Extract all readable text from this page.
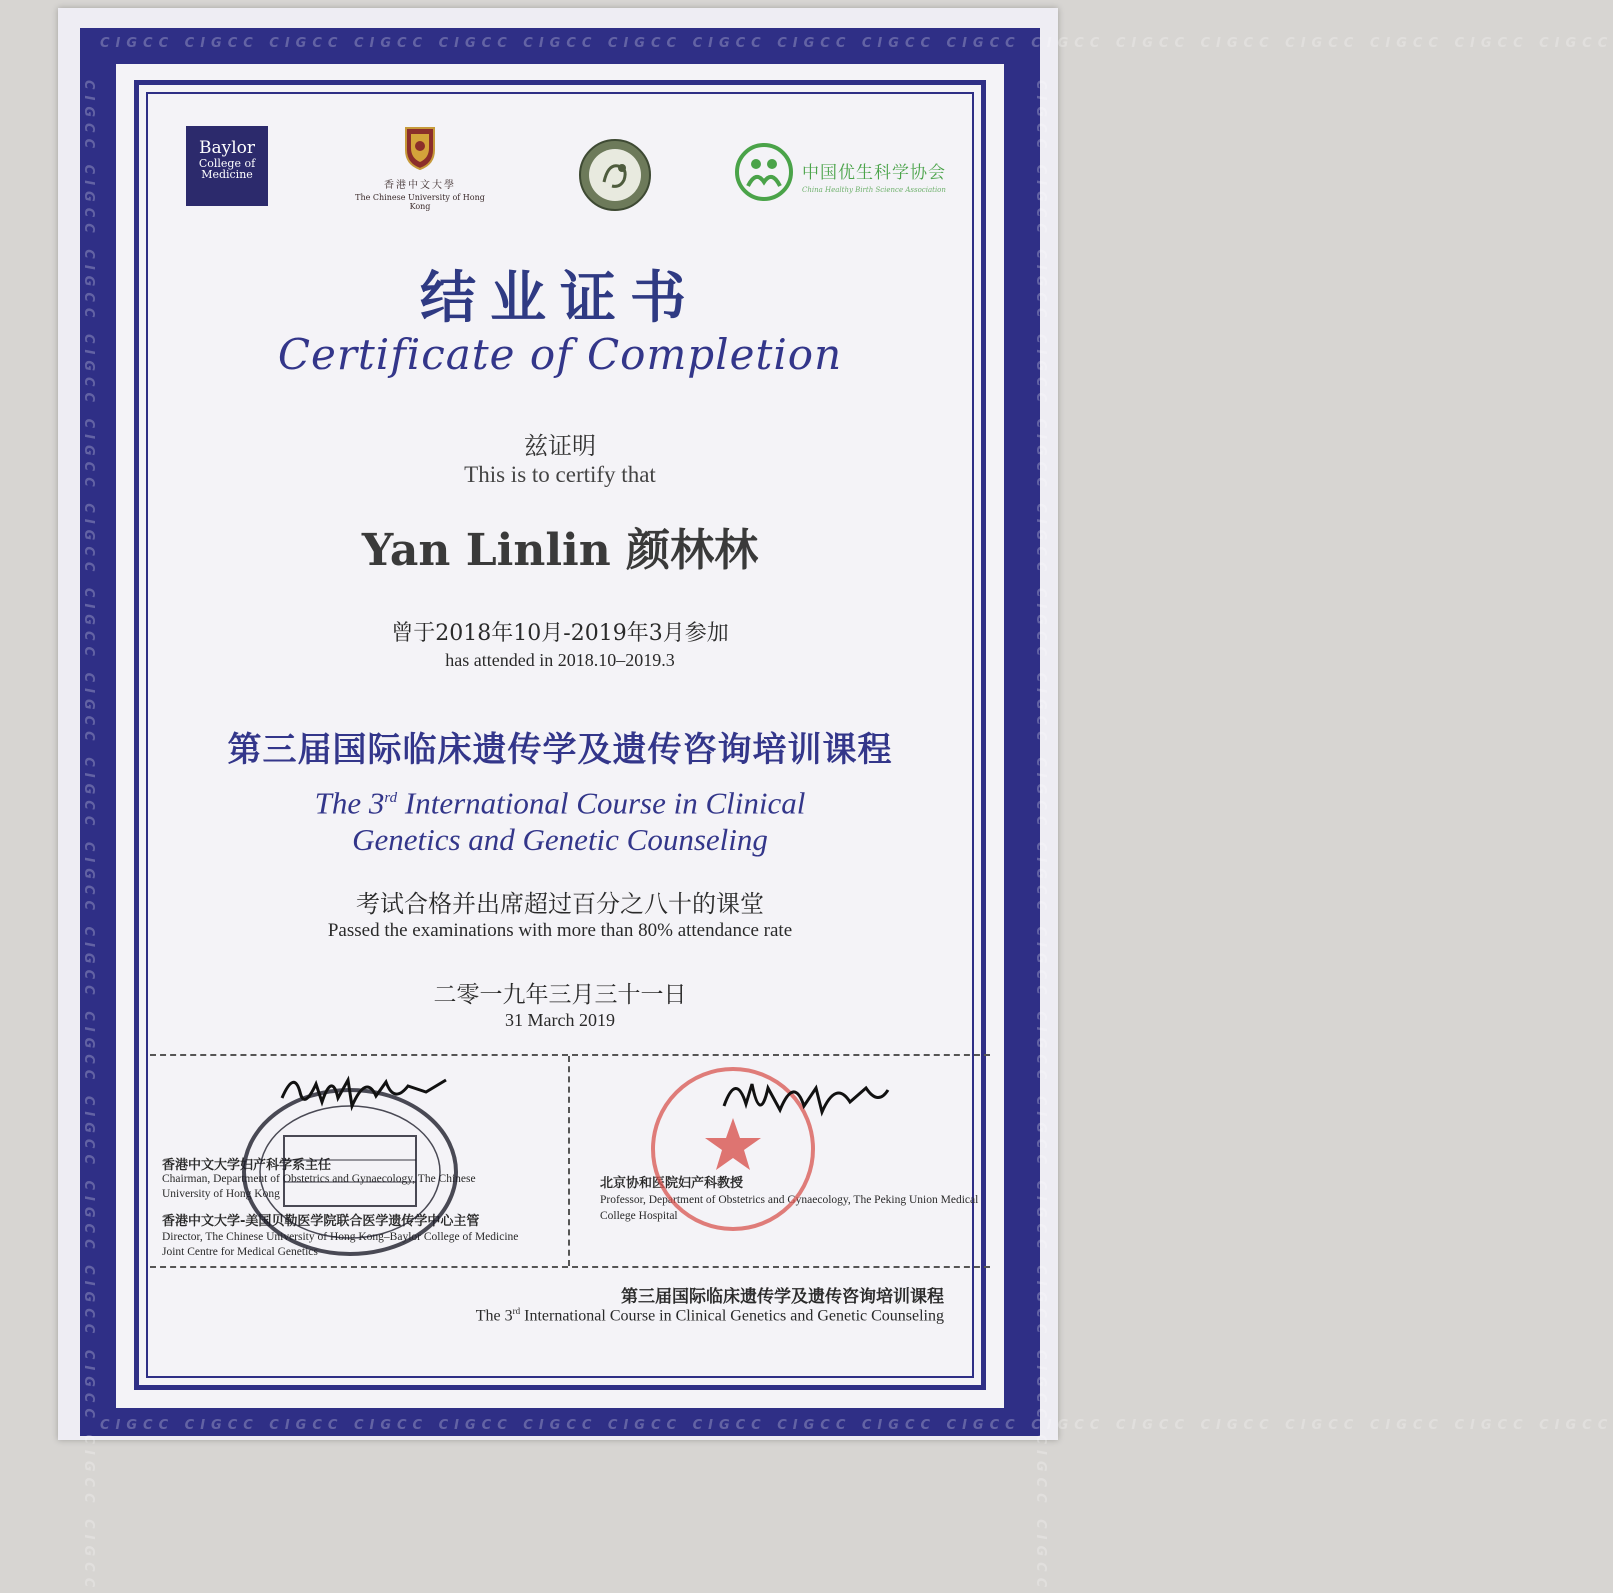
CIGCC CIGCC CIGCC CIGCC CIGCC CIGCC CIGCC CIGCC CIGCC CIGCC CIGCC CIGCC CIGCC CIGCC CIGCC CIGCC CIGCC CIGCC
CIGCC CIGCC CIGCC CIGCC CIGCC CIGCC CIGCC CIGCC CIGCC CIGCC CIGCC CIGCC CIGCC CIGCC CIGCC CIGCC CIGCC CIGCC
CIGCC CIGCC CIGCC CIGCC CIGCC CIGCC CIGCC CIGCC CIGCC CIGCC CIGCC CIGCC CIGCC CIGCC CIGCC CIGCC CIGCC CIGCC	CIGCC CIGCC CIGCC CIGCC CIGCC CIGCC CIGCC CIGCC CIGCC CIGCC CIGCC CIGCC CIGCC CIGCC CIGCC CIGCC CIGCC CIGCC
Baylor
College of
Medicine
香港中文大學
The Chinese University of Hong Kong
中国优生科学协会
China Healthy Birth Science Association
结业证书
Certificate of Completion
兹证明
This is to certify that
Yan Linlin 颜林林
曾于2018年10月-2019年3月参加
has attended in 2018.10–2019.3
第三届国际临床遗传学及遗传咨询培训课程
The 3rd International Course in Clinical
Genetics and Genetic Counseling
考试合格并出席超过百分之八十的课堂
Passed the examinations with more than 80% attendance rate
二零一九年三月三十一日
31 March 2019
香港中文大学妇产科学系主任
Chairman, Department of Obstetrics and Gynaecology, The Chinese University of Hong Kong
香港中文大学-美国贝勒医学院联合医学遗传学中心主管
Director, The Chinese University of Hong Kong–Baylor College of Medicine Joint Centre for Medical Genetics
北京协和医院妇产科教授
Professor, Department of Obstetrics and Gynaecology, The Peking Union Medical College Hospital
第三届国际临床遗传学及遗传咨询培训课程
The 3rd International Course in Clinical Genetics and Genetic Counseling
